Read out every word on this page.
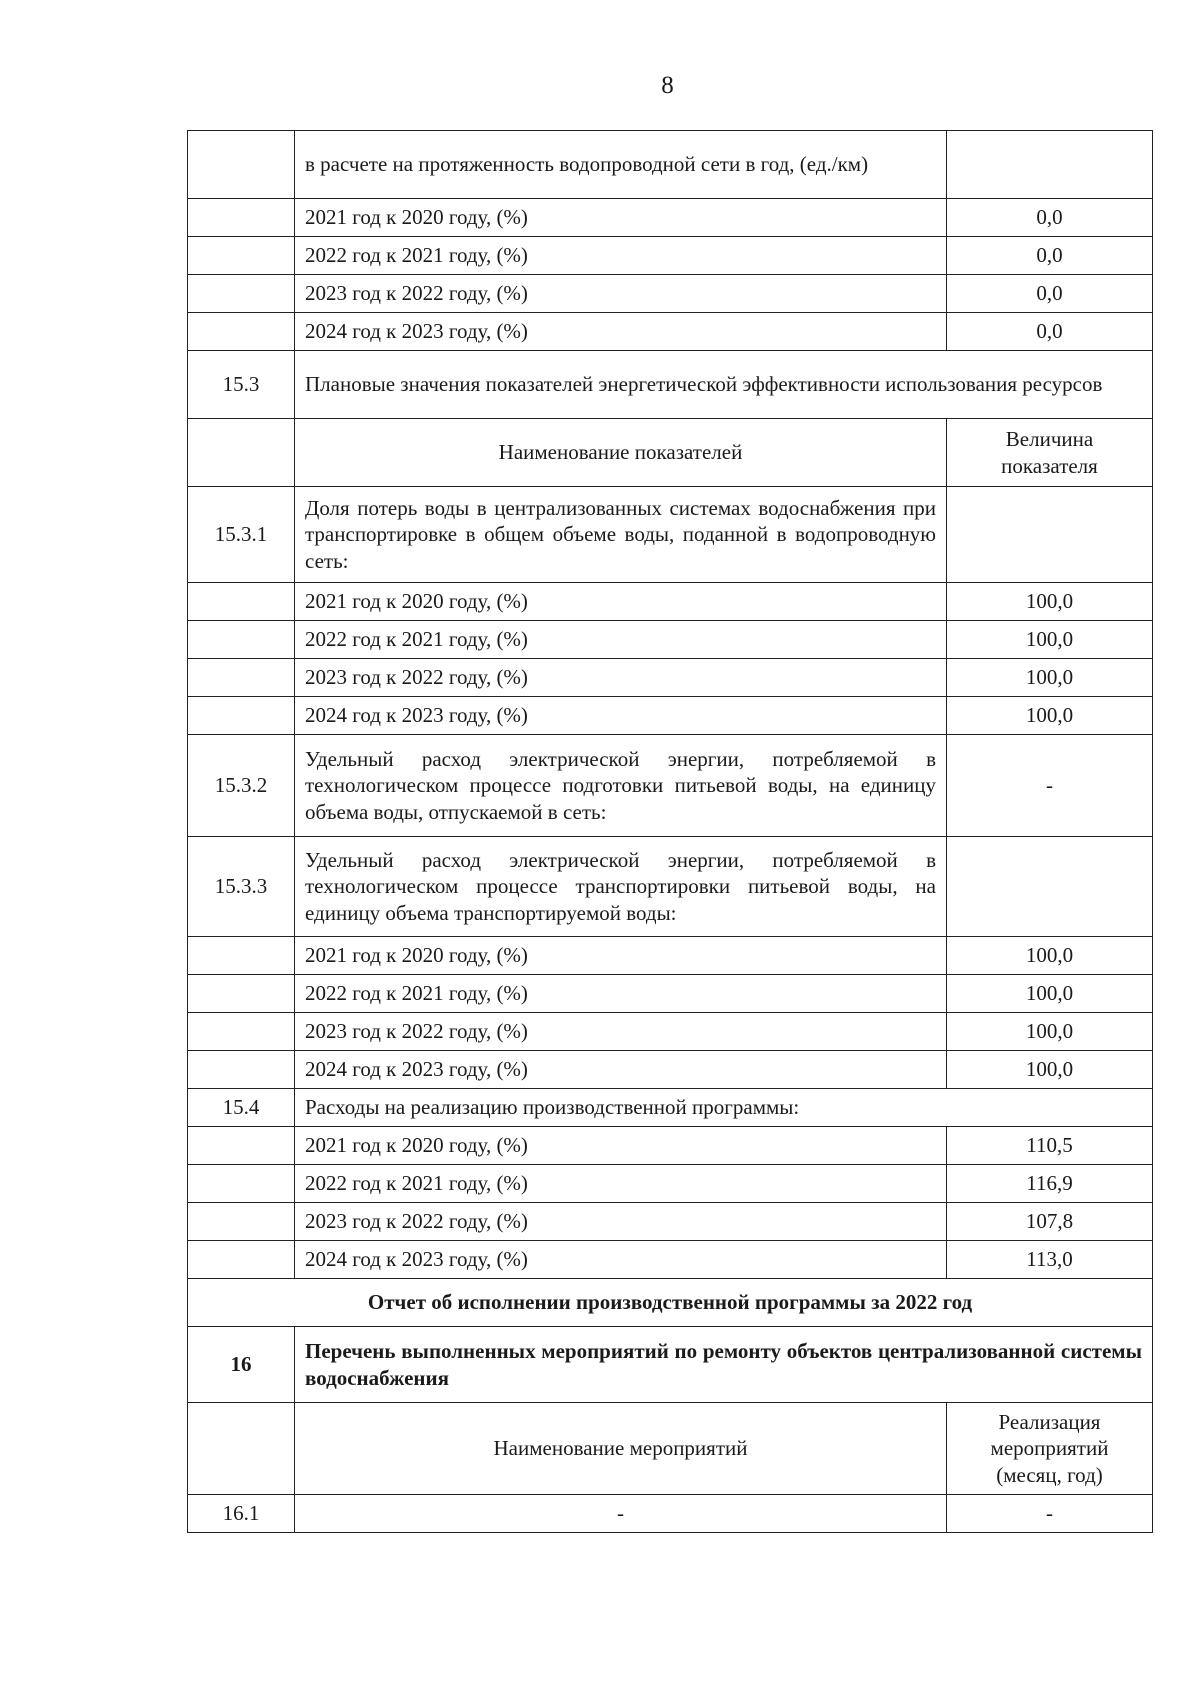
8
	в расчете на протяженность водопроводной сети в год, (ед./км)	
	2021 год к 2020 году, (%)	0,0
	2022 год к 2021 году, (%)	0,0
	2023 год к 2022 году, (%)	0,0
	2024 год к 2023 году, (%)	0,0
15.3	Плановые значения показателей энергетической эффективности использования ресурсов	
	Наименование показателей	Величина показателя
15.3.1	Доля потерь воды в централизованных системах водоснабжения при транспортировке в общем объеме воды, поданной в водопроводную сеть:	
	2021 год к 2020 году, (%)	100,0
	2022 год к 2021 году, (%)	100,0
	2023 год к 2022 году, (%)	100,0
	2024 год к 2023 году, (%)	100,0
15.3.2	Удельный расход электрической энергии, потребляемой в технологическом процессе подготовки питьевой воды, на единицу объема воды, отпускаемой в сеть:	-
15.3.3	Удельный расход электрической энергии, потребляемой в технологическом процессе транспортировки питьевой воды, на единицу объема транспортируемой воды:	
	2021 год к 2020 году, (%)	100,0
	2022 год к 2021 году, (%)	100,0
	2023 год к 2022 году, (%)	100,0
	2024 год к 2023 году, (%)	100,0
15.4	Расходы на реализацию производственной программы:	
	2021 год к 2020 году, (%)	110,5
	2022 год к 2021 году, (%)	116,9
	2023 год к 2022 году, (%)	107,8
	2024 год к 2023 году, (%)	113,0
Отчет об исполнении производственной программы за 2022 год		
16	Перечень выполненных мероприятий по ремонту объектов централизованной системы водоснабжения	
	Наименование мероприятий	Реализация мероприятий (месяц, год)
16.1	-	-
